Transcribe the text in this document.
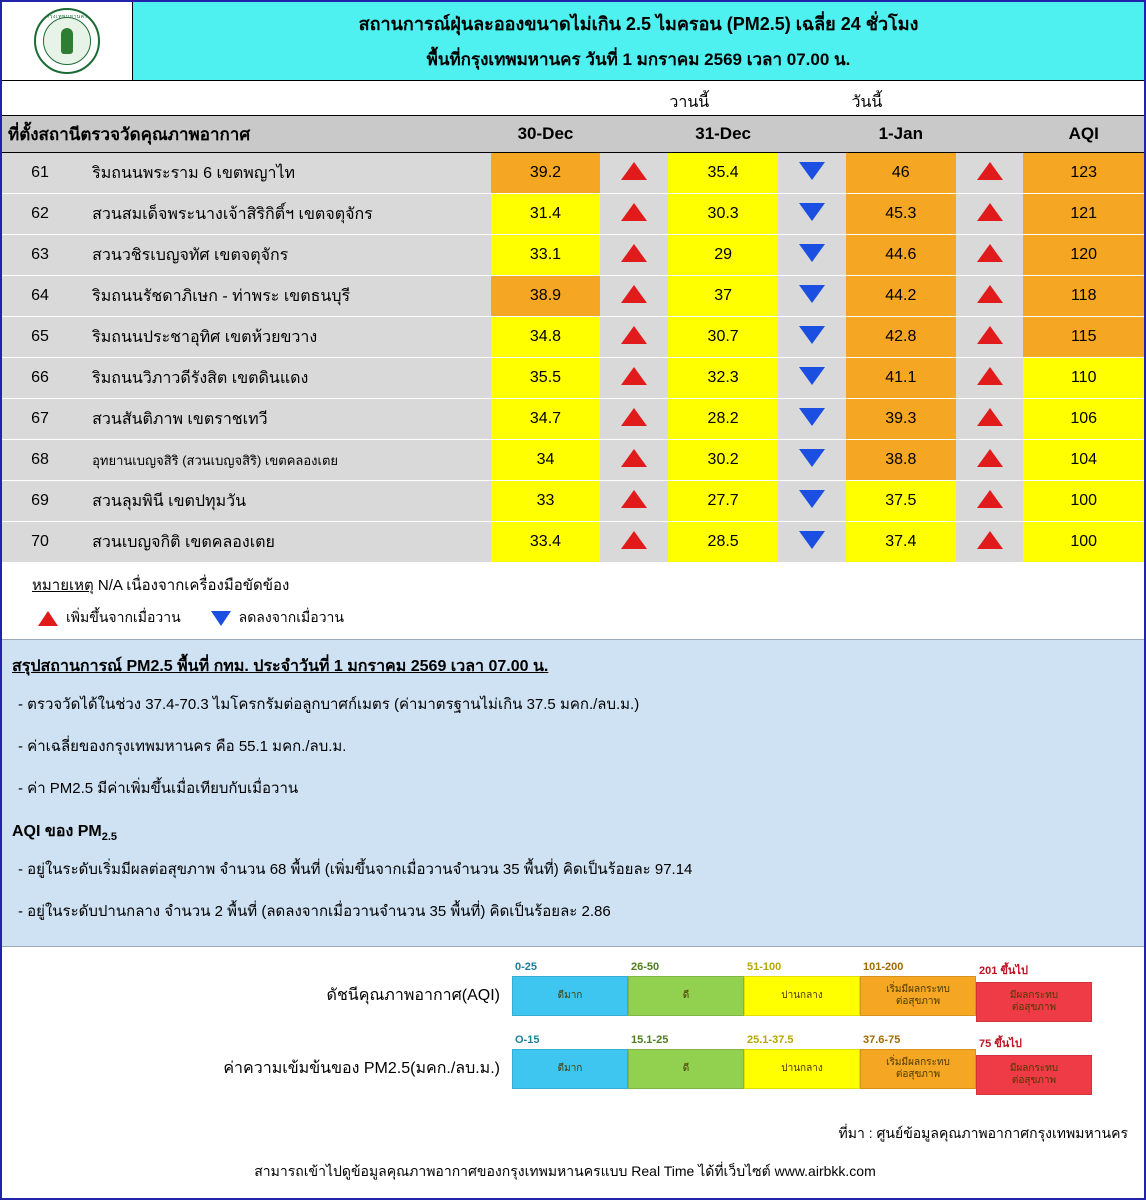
กรุงเทพมหานคร	สถานการณ์ฝุ่นละอองขนาดไม่เกิน 2.5 ไมครอน (PM2.5) เฉลี่ย 24 ชั่วโมง
พื้นที่กรุงเทพมหานคร วันที่ 1 มกราคม 2569 เวลา 07.00 น.
			วานนี้		วันนี้			
ที่ตั้งสถานีตรวจวัดคุณภาพอากาศ		30-Dec		31-Dec		1-Jan		AQI
61	ริมถนนพระราม 6 เขตพญาไท	39.2		35.4		46		123
62	สวนสมเด็จพระนางเจ้าสิริกิติ์ฯ เขตจตุจักร	31.4		30.3		45.3		121
63	สวนวชิรเบญจทัศ เขตจตุจักร	33.1		29		44.6		120
64	ริมถนนรัชดาภิเษก - ท่าพระ เขตธนบุรี	38.9		37		44.2		118
65	ริมถนนประชาอุทิศ เขตห้วยขวาง	34.8		30.7		42.8		115
66	ริมถนนวิภาวดีรังสิต เขตดินแดง	35.5		32.3		41.1		110
67	สวนสันติภาพ เขตราชเทวี	34.7		28.2		39.3		106
68	อุทยานเบญจสิริ (สวนเบญจสิริ) เขตคลองเตย	34		30.2		38.8		104
69	สวนลุมพินี เขตปทุมวัน	33		27.7		37.5		100
70	สวนเบญจกิติ เขตคลองเตย	33.4		28.5		37.4		100
หมายเหตุ N/A เนื่องจากเครื่องมือขัดข้อง
เพิ่มขึ้นจากเมื่อวาน	ลดลงจากเมื่อวาน
สรุปสถานการณ์ PM2.5 พื้นที่ กทม. ประจำวันที่ 1 มกราคม 2569 เวลา 07.00 น.
- ตรวจวัดได้ในช่วง 37.4-70.3 ไมโครกรัมต่อลูกบาศก์เมตร (ค่ามาตรฐานไม่เกิน 37.5 มคก./ลบ.ม.)
- ค่าเฉลี่ยของกรุงเทพมหานคร คือ 55.1 มคก./ลบ.ม.
- ค่า PM2.5 มีค่าเพิ่มขึ้นเมื่อเทียบกับเมื่อวาน
AQI ของ $PM_{2.5}$
- อยู่ในระดับเริ่มมีผลต่อสุขภาพ จำนวน 68 พื้นที่ (เพิ่มขึ้นจากเมื่อวานจำนวน 35 พื้นที่) คิดเป็นร้อยละ 97.14
- อยู่ในระดับปานกลาง จำนวน 2 พื้นที่ (ลดลงจากเมื่อวานจำนวน 35 พื้นที่) คิดเป็นร้อยละ 2.86
ดัชนีคุณภาพอากาศ(AQI)
0-25
ดีมาก
26-50
ดี
51-100
ปานกลาง
101-200
เริ่มมีผลกระทบ
ต่อสุขภาพ
201 ขึ้นไป
มีผลกระทบ
ต่อสุขภาพ
ค่าความเข้มข้นของ PM2.5(มคก./ลบ.ม.)
O-15
ดีมาก
15.1-25
ดี
25.1-37.5
ปานกลาง
37.6-75
เริ่มมีผลกระทบ
ต่อสุขภาพ
75 ขึ้นไป
มีผลกระทบ
ต่อสุขภาพ
ที่มา : ศูนย์ข้อมูลคุณภาพอากาศกรุงเทพมหานคร
สามารถเข้าไปดูข้อมูลคุณภาพอากาศของกรุงเทพมหานครแบบ Real Time ได้ที่เว็บไซต์ www.airbkk.com
